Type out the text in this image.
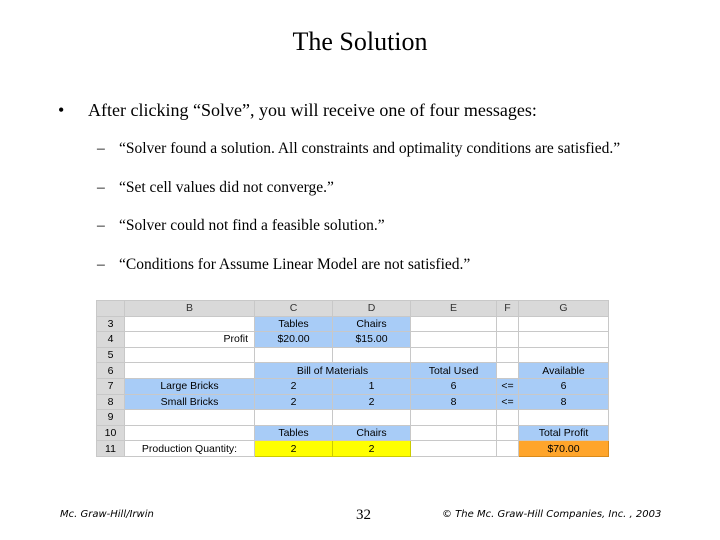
The Solution
• After clicking “Solve”, you will receive one of four messages:
– “Solver found a solution. All constraints and optimality conditions are satisfied.”
– “Set cell values did not converge.”
– “Solver could not find a feasible solution.”
– “Conditions for Assume Linear Model are not satisfied.”
	B	C	D	E	F	G
3		Tables	Chairs			
4	Profit	$20.00	$15.00			
5						
6		Bill of Materials		Total Used		Available
7	Large Bricks	2	1	6	<=	6
8	Small Bricks	2	2	8	<=	8
9						
10		Tables	Chairs			Total Profit
11	Production Quantity:	2	2			$70.00
Mc. Graw-Hill/Irwin	32	© The Mc. Graw-Hill Companies, Inc. , 2003
